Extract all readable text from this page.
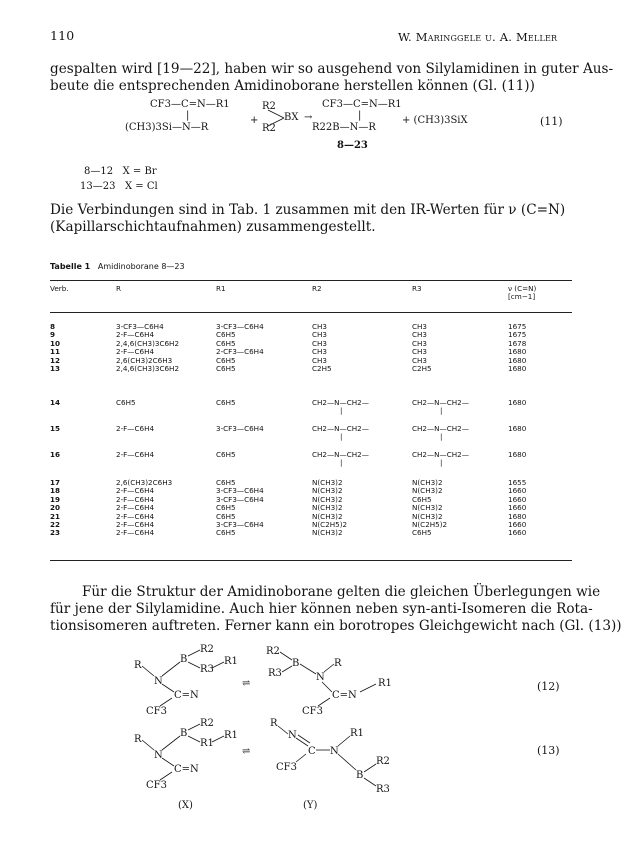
110	W. Maringgele u. A. Meller
gespalten wird [19—22], haben wir so ausgehend von Silylamidinen in guter Aus-
beute die entsprechenden Amidinoborane herstellen können (Gl. (11))
CF3—C=N—R1
|
(CH3)3Si—N—R
+
R2
BX
R2
→
CF3—C=N—R1
|
R22B—N—R
+ (CH3)3SiX	(11)
8—23
8—12   X = Br
13—23   X = Cl
Die Verbindungen sind in Tab. 1 zusammen mit den IR-Werten für ν (C=N)
(Kapillarschichtaufnahmen) zusammengestellt.
Tabelle 1 Amidinoborane 8—23
Verb.	R	R1	R2	R3	ν (C=N)
					[cm−1]
8	3-CF3—C6H4	3-CF3—C6H4	CH3	CH3	1675
9	2-F—C6H4	C6H5	CH3	CH3	1675
10	2,4,6(CH3)3C6H2	C6H5	CH3	CH3	1678
11	2-F—C6H4	2-CF3—C6H4	CH3	CH3	1680
12	2,6(CH3)2C6H3	C6H5	CH3	CH3	1680
13	2,4,6(CH3)3C6H2	C6H5	C2H5	C2H5	1680
14	C6H5	C6H5	CH2—N—CH2—	CH2—N—CH2—	1680
			|	|	
15	2-F—C6H4	3-CF3—C6H4	CH2—N—CH2—	CH2—N—CH2—	1680
			|	|	
16	2-F—C6H4	C6H5	CH2—N—CH2—	CH2—N—CH2—	1680
			|	|	
17	2,6(CH3)2C6H3	C6H5	N(CH3)2	N(CH3)2	1655
18	2-F—C6H4	3-CF3—C6H4	N(CH3)2	N(CH3)2	1660
19	2-F—C6H4	3-CF3—C6H4	N(CH3)2	C6H5	1660
20	2-F—C6H4	C6H5	N(CH3)2	N(CH3)2	1660
21	2-F—C6H4	C6H5	N(CH3)2	N(CH3)2	1680
22	2-F—C6H4	3-CF3—C6H4	N(C2H5)2	N(C2H5)2	1660
23	2-F—C6H4	C6H5	N(CH3)2	C6H5	1660
Für die Struktur der Amidinoborane gelten die gleichen Überlegungen wie
für jene der Silylamidine. Auch hier können neben syn-anti-Isomeren die Rota-
tionsisomeren auftreten. Ferner kann ein borotropes Gleichgewicht nach (Gl. (13))
R
N
B
R2
R3
R1
C=N
CF3
⇌
R2
B
R3	N
R
C=N
R1
CF3
(12)
R
N
B
R2
R1
R1
C=N
CF3
⇌
R
N
C N
R1
CF3
B
R2
R3
(13)
(X)	(Y)
